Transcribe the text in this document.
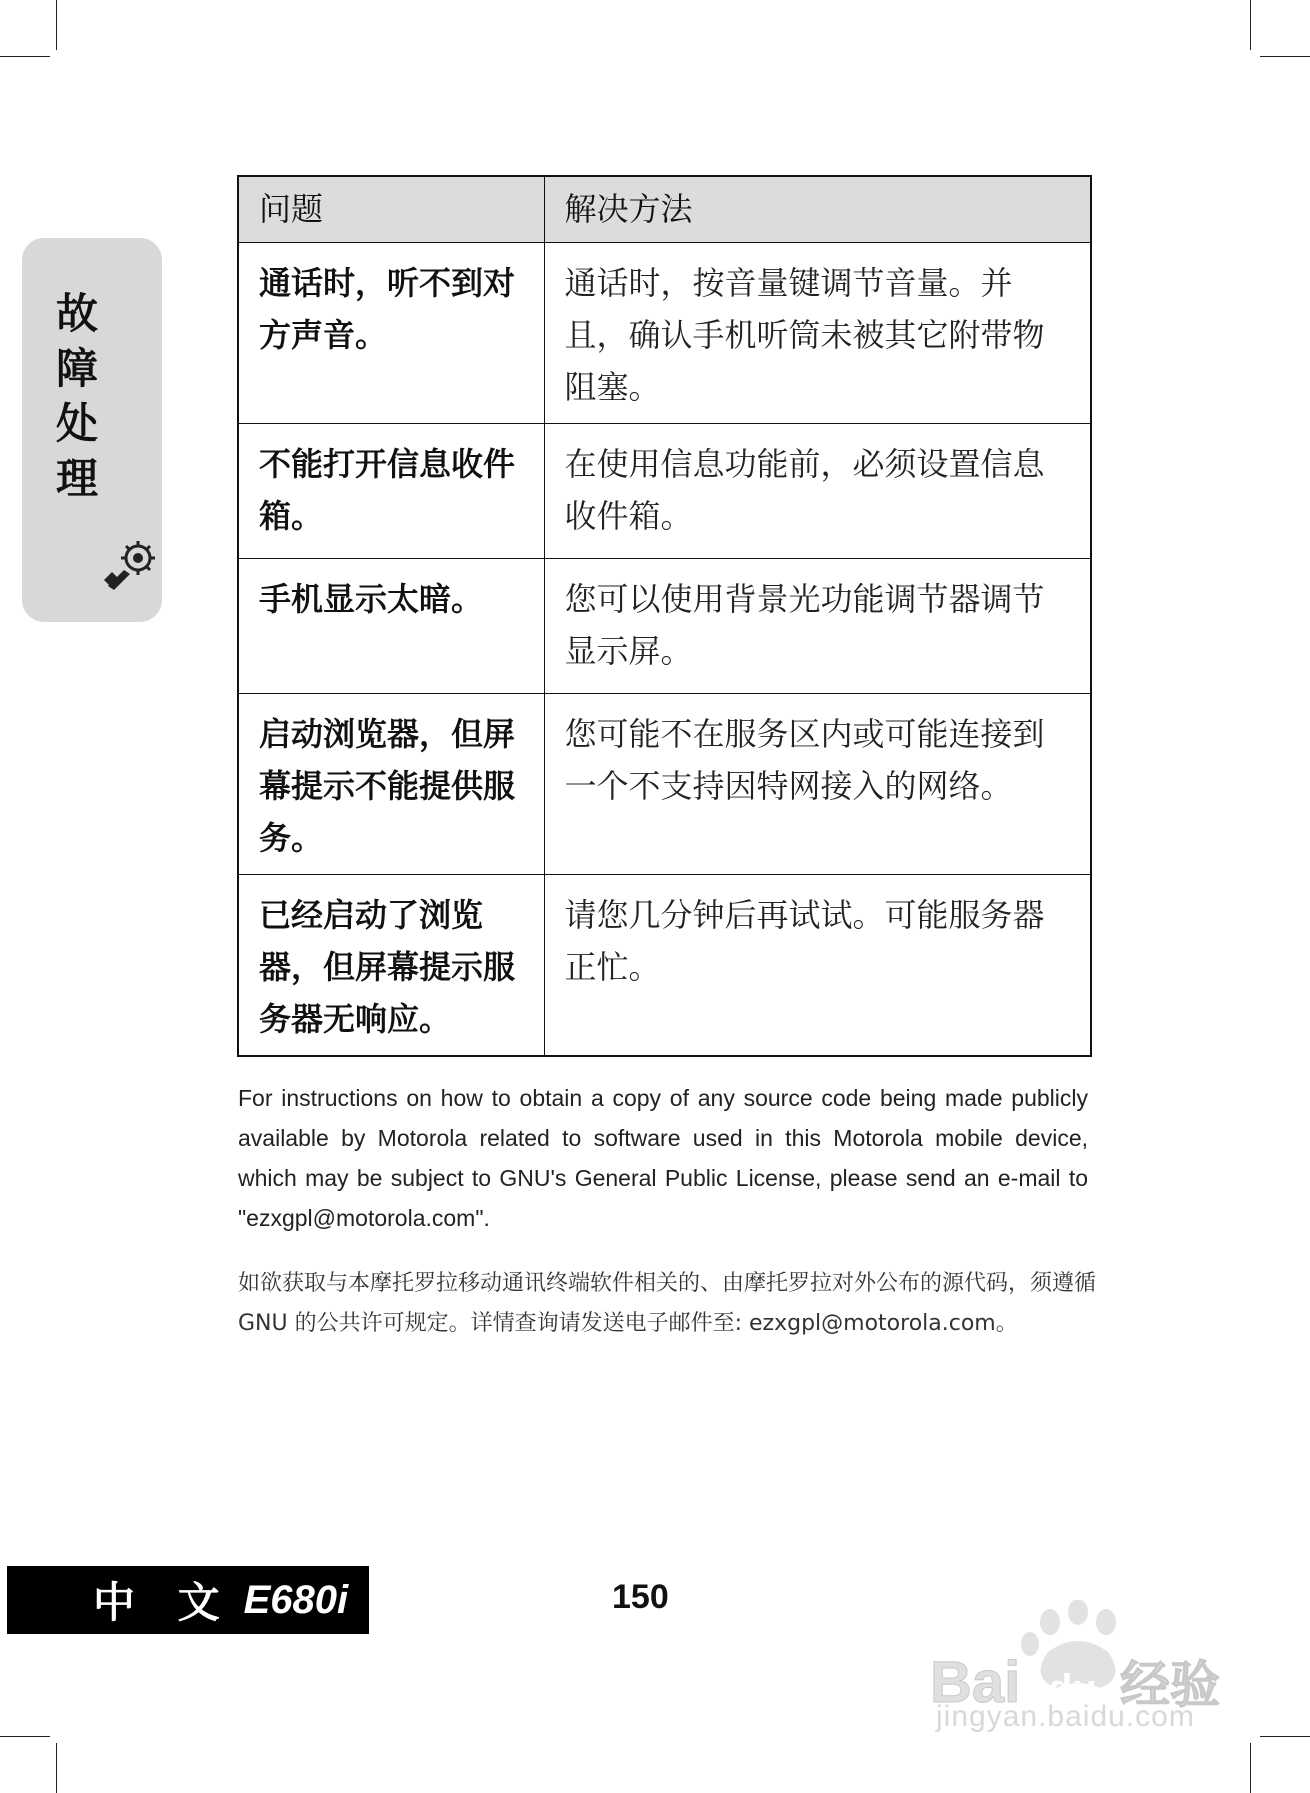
故
障
处
理
问题	解决方法
通话时，听不到对方声音。	通话时，按音量键调节音量。并且，确认手机听筒未被其它附带物阻塞。
不能打开信息收件箱。	在使用信息功能前，必须设置信息收件箱。
手机显示太暗。	您可以使用背景光功能调节器调节显示屏。
启动浏览器，但屏幕提示不能提供服务。	您可能不在服务区内或可能连接到一个不支持因特网接入的网络。
已经启动了浏览器，但屏幕提示服务器无响应。	请您几分钟后再试试。可能服务器正忙。

For instructions on how to obtain a copy of any source code being made publicly available by Motorola related to software used in this Motorola mobile device, which may be subject to GNU's General Public License, please send an e-mail to "ezxgpl@motorola.com".

如欲获取与本摩托罗拉移动通讯终端软件相关的、由摩托罗拉对外公布的源代码，须遵循 GNU 的公共许可规定。详情查询请发送电子邮件至: ezxgpl@motorola.com。

中 文 E680i	150
Bai du 经验
jingyan.baidu.com
